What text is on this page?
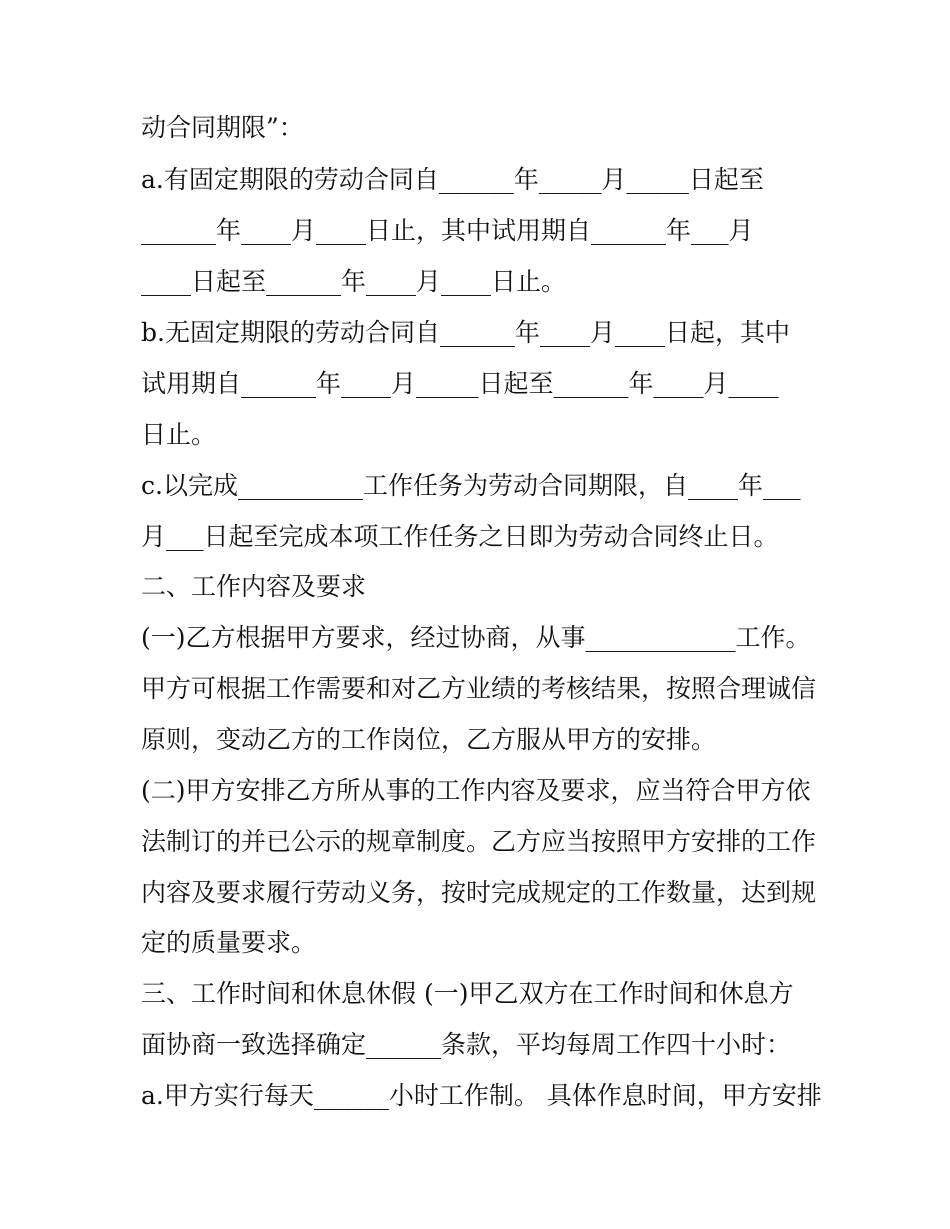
动合同期限”：

a.有固定期限的劳动合同自______年_____月_____日起至

______年____月____日止，其中试用期自______年___月

____日起至______年____月____日止。

b.无固定期限的劳动合同自______年____月____日起，其中

试用期自______年____月_____日起至______年____月____

日止。

c.以完成__________工作任务为劳动合同期限，自____年___

月___日起至完成本项工作任务之日即为劳动合同终止日。

二、工作内容及要求

(一)乙方根据甲方要求，经过协商，从事____________工作。

甲方可根据工作需要和对乙方业绩的考核结果，按照合理诚信

原则，变动乙方的工作岗位，乙方服从甲方的安排。

(二)甲方安排乙方所从事的工作内容及要求，应当符合甲方依

法制订的并已公示的规章制度。乙方应当按照甲方安排的工作

内容及要求履行劳动义务，按时完成规定的工作数量，达到规

定的质量要求。

三、工作时间和休息休假 (一)甲乙双方在工作时间和休息方

面协商一致选择确定______条款，平均每周工作四十小时：

a.甲方实行每天______小时工作制。 具体作息时间，甲方安排
